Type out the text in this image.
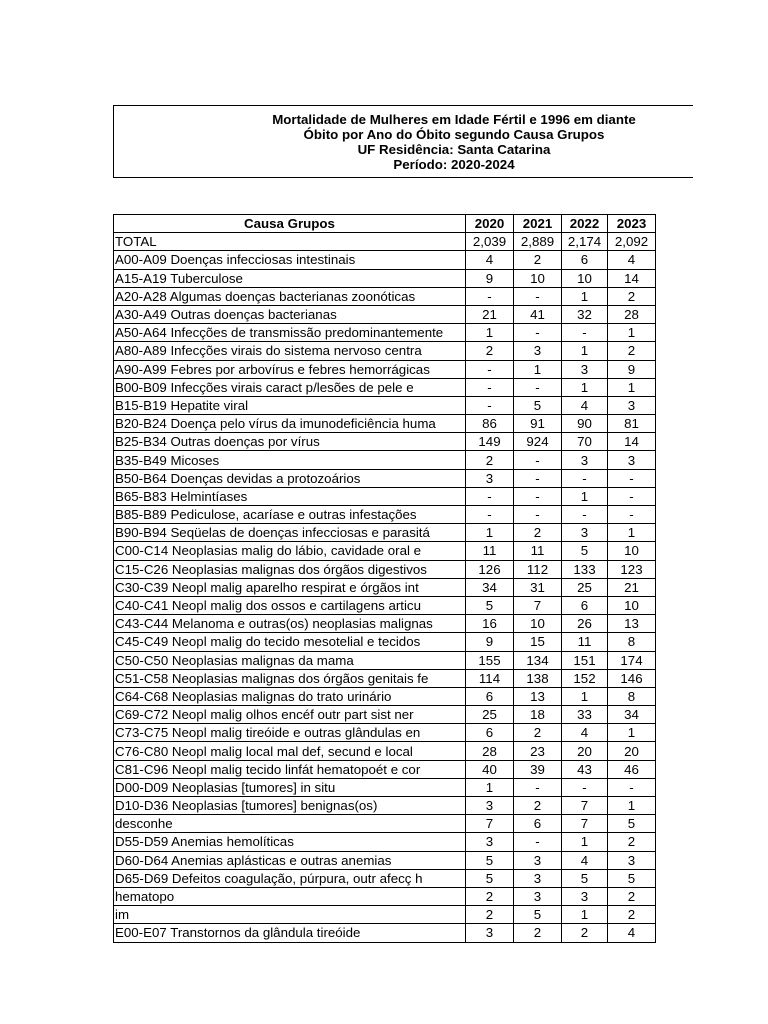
Mortalidade de Mulheres em Idade Fértil e 1996 em diante
Óbito por Ano do Óbito segundo Causa Grupos
UF Residência: Santa Catarina
Período: 2020-2024
Causa Grupos	2020	2021	2022	2023
TOTAL	2,039	2,889	2,174	2,092
A00-A09 Doenças infecciosas intestinais	4	2	6	4
A15-A19 Tuberculose	9	10	10	14
A20-A28 Algumas doenças bacterianas zoonóticas	-	-	1	2
A30-A49 Outras doenças bacterianas	21	41	32	28
A50-A64 Infecções de transmissão predominantemente	1	-	-	1
A80-A89 Infecções virais do sistema nervoso centra	2	3	1	2
A90-A99 Febres por arbovírus e febres hemorrágicas	-	1	3	9
B00-B09 Infecções virais caract p/lesões de pele e	-	-	1	1
B15-B19 Hepatite viral	-	5	4	3
B20-B24 Doença pelo vírus da imunodeficiência huma	86	91	90	81
B25-B34 Outras doenças por vírus	149	924	70	14
B35-B49 Micoses	2	-	3	3
B50-B64 Doenças devidas a protozoários	3	-	-	-
B65-B83 Helmintíases	-	-	1	-
B85-B89 Pediculose, acaríase e outras infestações	-	-	-	-
B90-B94 Seqüelas de doenças infecciosas e parasitá	1	2	3	1
C00-C14 Neoplasias malig do lábio, cavidade oral e	11	11	5	10
C15-C26 Neoplasias malignas dos órgãos digestivos	126	112	133	123
C30-C39 Neopl malig aparelho respirat e órgãos int	34	31	25	21
C40-C41 Neopl malig dos ossos e cartilagens articu	5	7	6	10
C43-C44 Melanoma e outras(os) neoplasias malignas	16	10	26	13
C45-C49 Neopl malig do tecido mesotelial e tecidos	9	15	11	8
C50-C50 Neoplasias malignas da mama	155	134	151	174
C51-C58 Neoplasias malignas dos órgãos genitais fe	114	138	152	146
C64-C68 Neoplasias malignas do trato urinário	6	13	1	8
C69-C72 Neopl malig olhos encéf outr part sist ner	25	18	33	34
C73-C75 Neopl malig tireóide e outras glândulas en	6	2	4	1
C76-C80 Neopl malig local mal def, secund e local	28	23	20	20
C81-C96 Neopl malig tecido linfát hematopoét e cor	40	39	43	46
D00-D09 Neoplasias [tumores] in situ	1	-	-	-
D10-D36 Neoplasias [tumores] benignas(os)	3	2	7	1
desconhe	7	6	7	5
D55-D59 Anemias hemolíticas	3	-	1	2
D60-D64 Anemias aplásticas e outras anemias	5	3	4	3
D65-D69 Defeitos coagulação, púrpura, outr afecç h	5	3	5	5
hematopo	2	3	3	2
im	2	5	1	2
E00-E07 Transtornos da glândula tireóide	3	2	2	4
